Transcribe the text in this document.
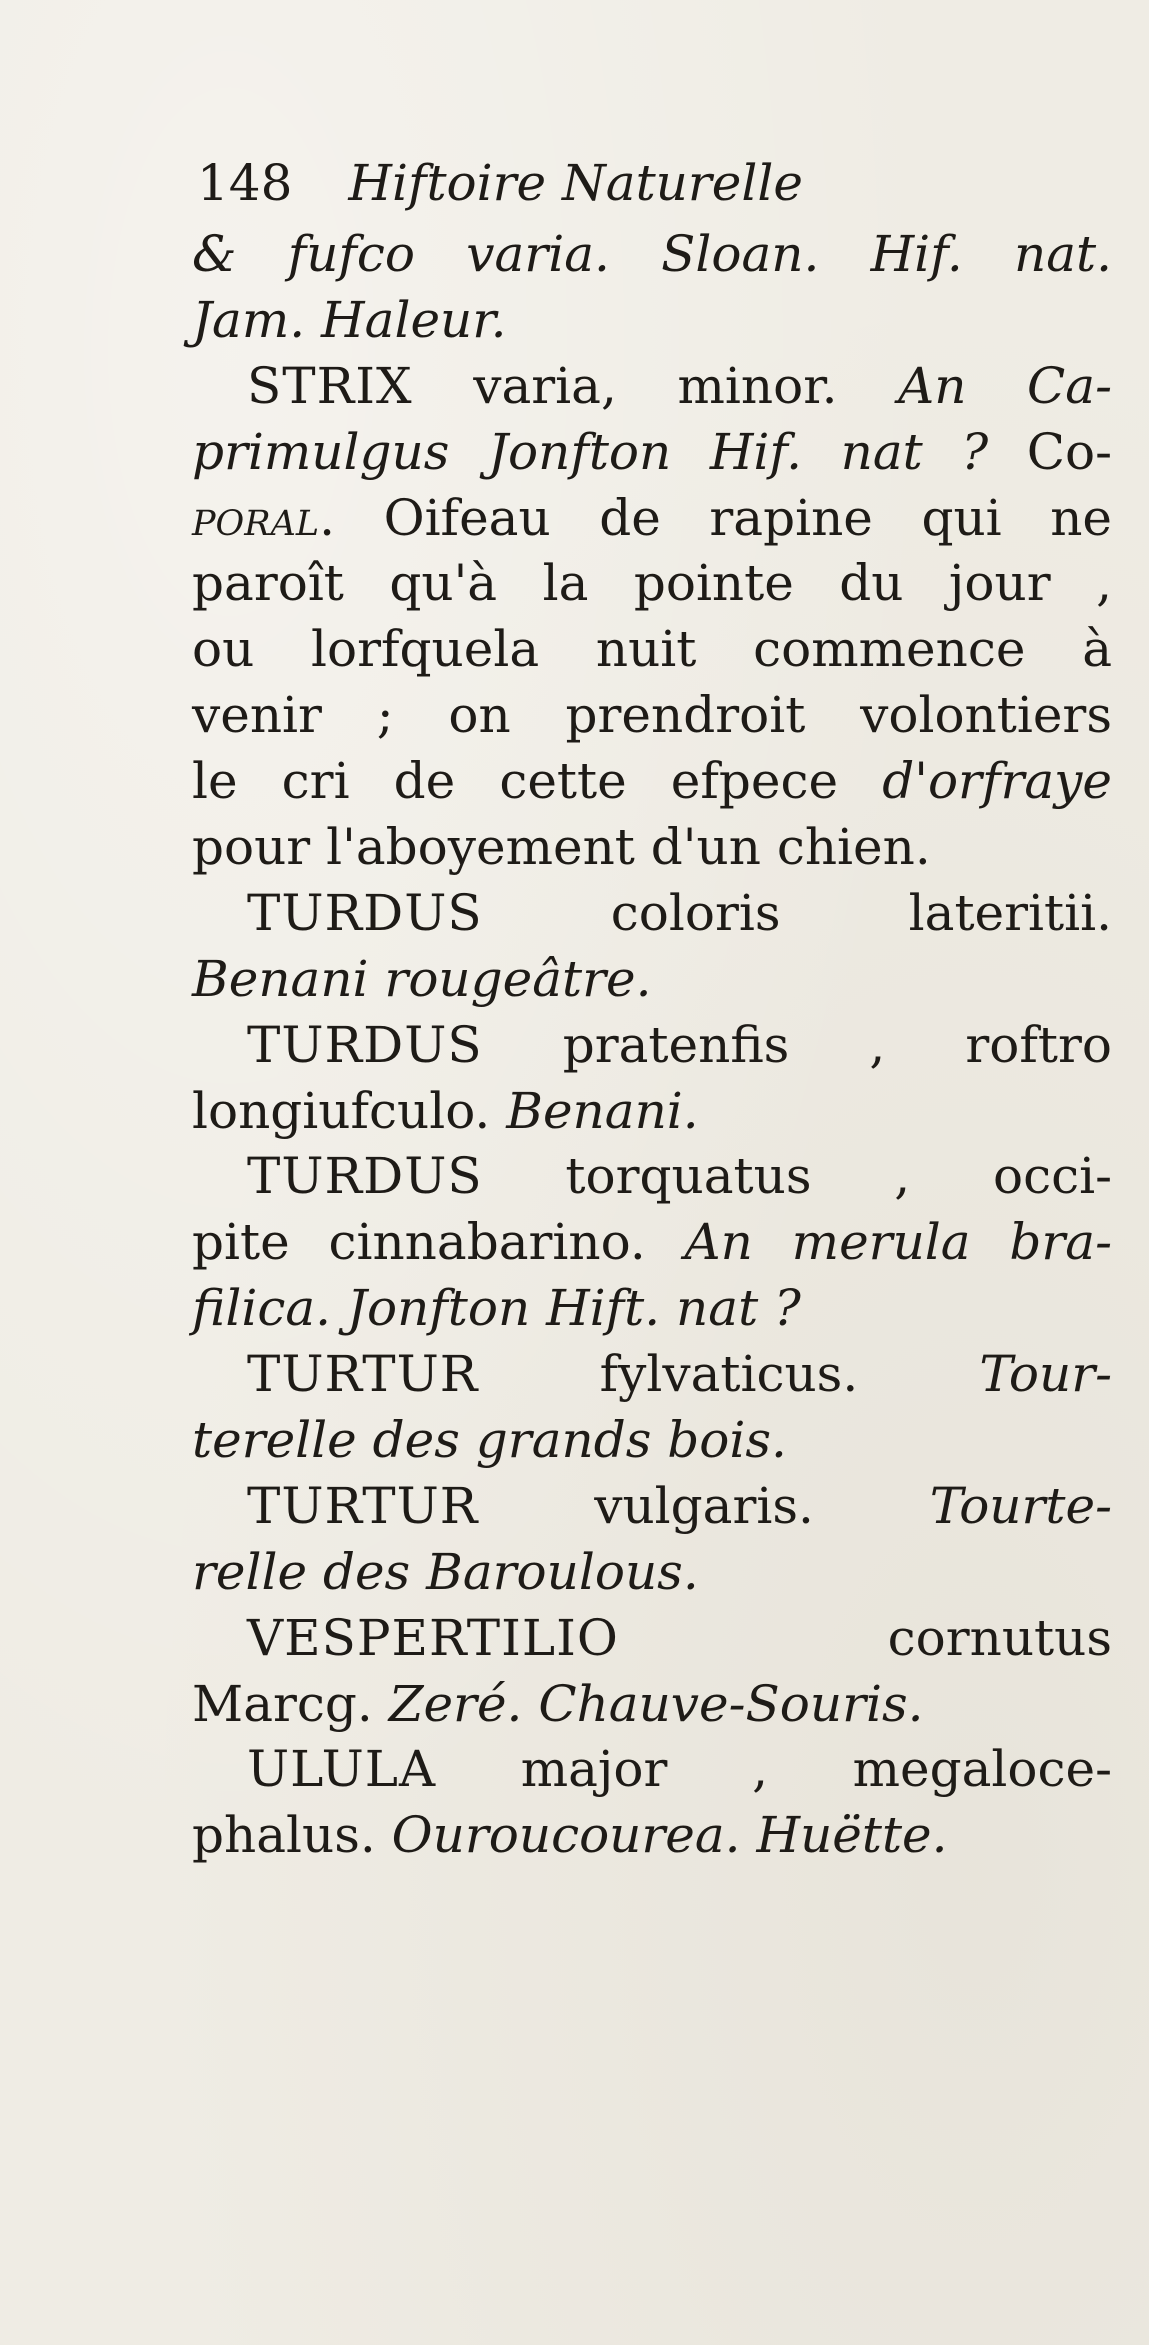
148 Hiftoire Naturelle
& fufco varia. Sloan. Hif. nat.
Jam. Haleur.
STRIX varia, minor. An Ca-
primulgus Jonfton Hif. nat ? Co-
poral. Oifeau de rapine qui ne
paroît qu'à la pointe du jour ,
ou lorfquela nuit commence à
venir ; on prendroit volontiers
le cri de cette efpece d'orfraye
pour l'aboyement d'un chien.
TURDUS coloris lateritii.
Benani rougeâtre.
TURDUS pratenfis , roftro
longiufculo. Benani.
TURDUS torquatus , occi-
pite cinnabarino. An merula bra-
filica. Jonfton Hift. nat ?
TURTUR fylvaticus. Tour-
terelle des grands bois.
TURTUR vulgaris. Tourte-
relle des Baroulous.
VESPERTILIO cornutus
Marcg. Zeré. Chauve-Souris.
ULULA major , megaloce-
phalus. Ouroucourea. Huëtte.
